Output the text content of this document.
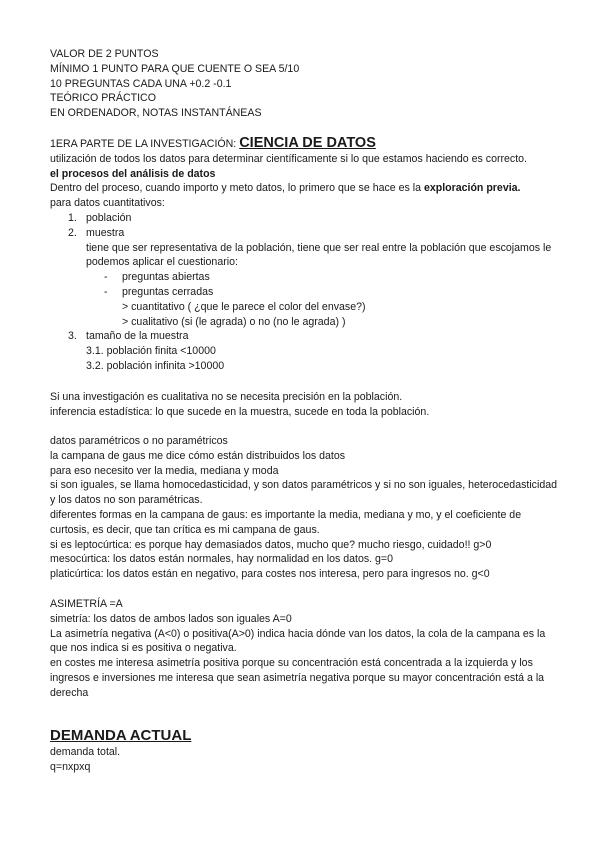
VALOR DE 2 PUNTOS
MÍNIMO 1 PUNTO PARA QUE CUENTE O SEA 5/10
10 PREGUNTAS CADA UNA +0.2 -0.1
TEÓRICO PRÁCTICO
EN ORDENADOR, NOTAS INSTANTÁNEAS
1ERA PARTE DE LA INVESTIGACIÓN: CIENCIA DE DATOS
utilización de todos los datos para determinar científicamente si lo que estamos haciendo es correcto.
el procesos del análisis de datos
Dentro del proceso, cuando importo y meto datos, lo primero que se hace es la exploración previa.
para datos cuantitativos:
1. población
2. muestra
tiene que ser representativa de la población, tiene que ser real entre la población que escojamos le podemos aplicar el cuestionario:
- preguntas abiertas
- preguntas cerradas
> cuantitativo ( ¿que le parece el color del envase?)
> cualitativo (si (le agrada) o no (no le agrada) )
3. tamaño de la muestra
3.1. población finita <10000
3.2. población infinita >10000
Si una investigación es cualitativa no se necesita precisión en la población.
inferencia estadística: lo que sucede en la muestra, sucede en toda la población.
datos paramétricos o no paramétricos
la campana de gaus me dice cómo están distribuidos los datos
para eso necesito ver la media, mediana y moda
si son iguales, se llama homocedasticidad, y son datos paramétricos y si no son iguales, heterocedasticidad y los datos no son paramétricas.
diferentes formas en la campana de gaus: es importante la media, mediana y mo, y el coeficiente de curtosis, es decir, que tan crítica es mi campana de gaus.
si es leptocúrtica: es porque hay demasiados datos, mucho que? mucho riesgo, cuidado!! g>0
mesocúrtica: los datos están normales, hay normalidad en los datos. g=0
platicúrtica: los datos están en negativo, para costes nos interesa, pero para ingresos no. g<0
ASIMETRÍA =A
simetría: los datos de ambos lados son iguales A=0
La asimetría negativa (A<0) o positiva(A>0) indica hacia dónde van los datos, la cola de la campana es la que nos indica si es positiva o negativa.
en costes me interesa asimetría positiva porque su concentración está concentrada a la izquierda y los ingresos e inversiones me interesa que sean asimetría negativa porque su mayor concentración está a la derecha
DEMANDA ACTUAL
demanda total.
q=nxpxq
